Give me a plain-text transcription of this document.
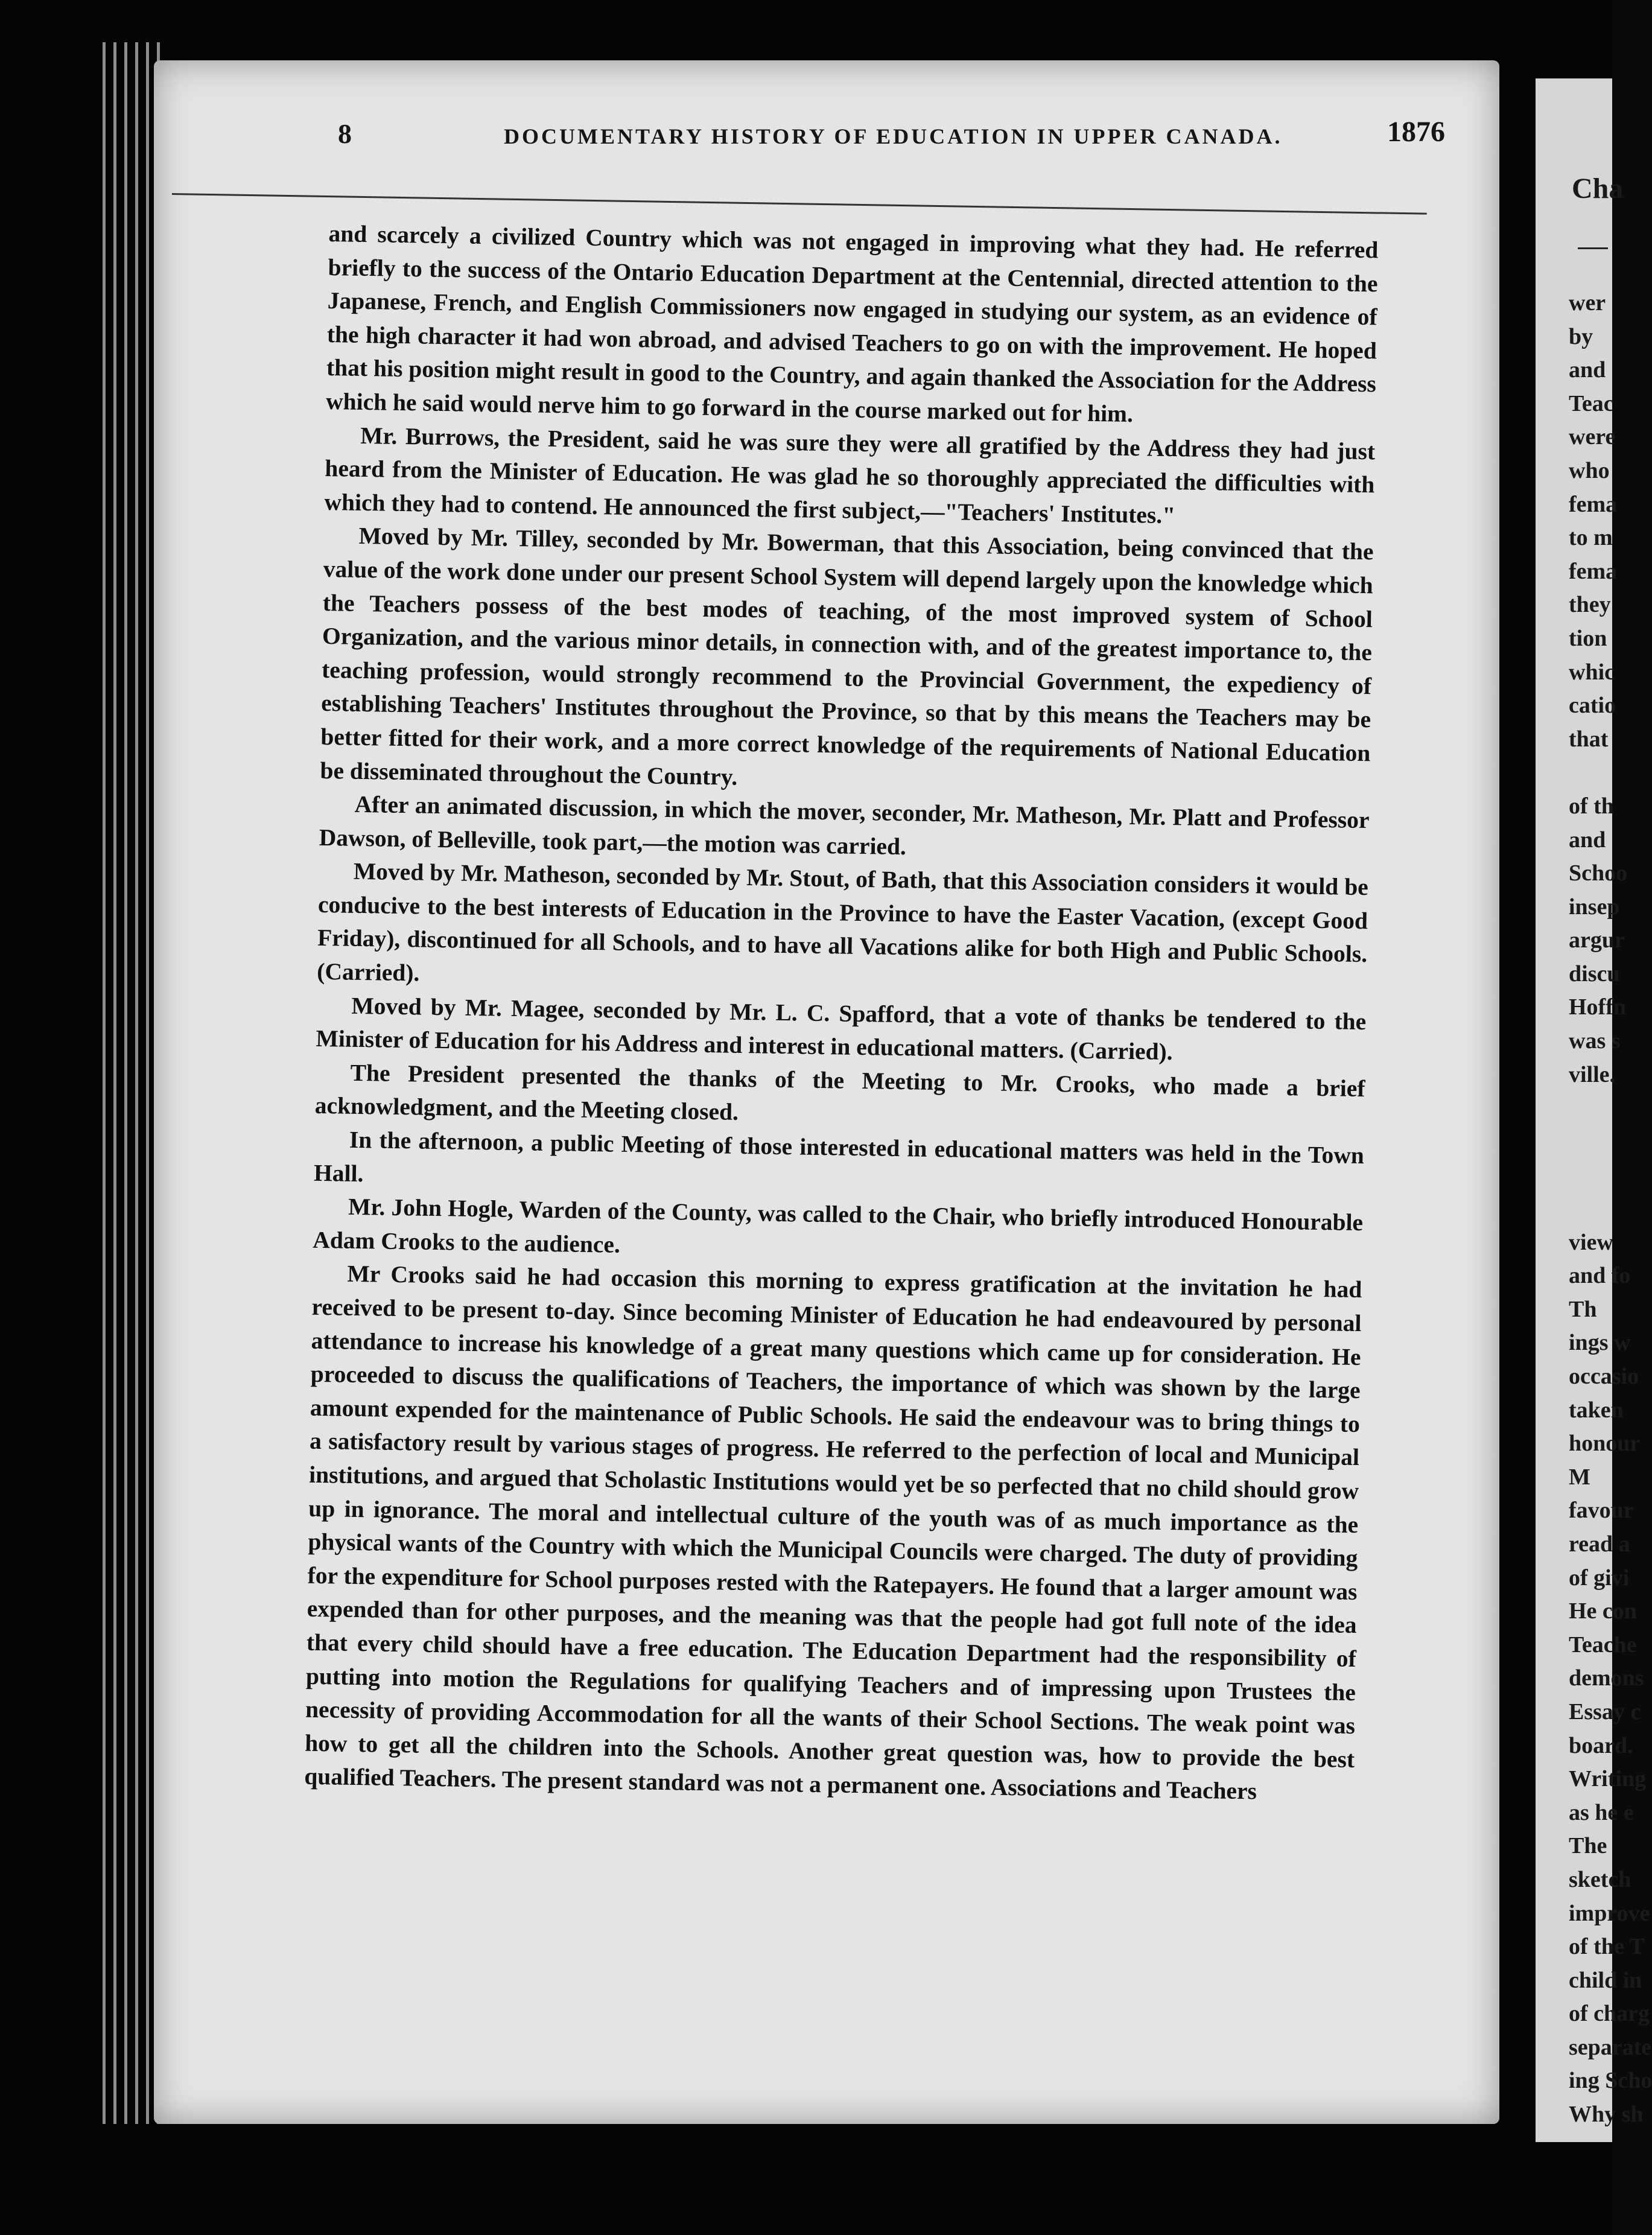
8	DOCUMENTARY HISTORY OF EDUCATION IN UPPER CANADA.	1876

and scarcely a civilized Country which was not engaged in improving what they had. He referred briefly to the success of the Ontario Education Department at the Centennial, directed attention to the Japanese, French, and English Commissioners now engaged in studying our system, as an evidence of the high character it had won abroad, and advised Teachers to go on with the improvement. He hoped that his position might result in good to the Country, and again thanked the Association for the Address which he said would nerve him to go forward in the course marked out for him.

Mr. Burrows, the President, said he was sure they were all gratified by the Address they had just heard from the Minister of Education. He was glad he so thoroughly appreciated the difficulties with which they had to contend. He announced the first subject,—"Teachers' Institutes."

Moved by Mr. Tilley, seconded by Mr. Bowerman, that this Association, being convinced that the value of the work done under our present School System will depend largely upon the knowledge which the Teachers possess of the best modes of teaching, of the most improved system of School Organization, and the various minor details, in connection with, and of the greatest importance to, the teaching profession, would strongly recommend to the Provincial Government, the expediency of establishing Teachers' Institutes throughout the Province, so that by this means the Teachers may be better fitted for their work, and a more correct knowledge of the requirements of National Education be disseminated throughout the Country.

After an animated discussion, in which the mover, seconder, Mr. Matheson, Mr. Platt and Professor Dawson, of Belleville, took part,—the motion was carried.

Moved by Mr. Matheson, seconded by Mr. Stout, of Bath, that this Association considers it would be conducive to the best interests of Education in the Province to have the Easter Vacation, (except Good Friday), discontinued for all Schools, and to have all Vacations alike for both High and Public Schools. (Carried).

Moved by Mr. Magee, seconded by Mr. L. C. Spafford, that a vote of thanks be tendered to the Minister of Education for his Address and interest in educational matters. (Carried).

The President presented the thanks of the Meeting to Mr. Crooks, who made a brief acknowledgment, and the Meeting closed.

In the afternoon, a public Meeting of those interested in educational matters was held in the Town Hall.

Mr. John Hogle, Warden of the County, was called to the Chair, who briefly introduced Honourable Adam Crooks to the audience.

Mr Crooks said he had occasion this morning to express gratification at the invitation he had received to be present to-day. Since becoming Minister of Education he had endeavoured by personal attendance to increase his knowledge of a great many questions which came up for consideration. He proceeded to discuss the qualifications of Teachers, the importance of which was shown by the large amount expended for the maintenance of Public Schools. He said the endeavour was to bring things to a satisfactory result by various stages of progress. He referred to the perfection of local and Municipal institutions, and argued that Scholastic Institutions would yet be so perfected that no child should grow up in ignorance. The moral and intellectual culture of the youth was of as much importance as the physical wants of the Country with which the Municipal Councils were charged. The duty of providing for the expenditure for School purposes rested with the Ratepayers. He found that a larger amount was expended than for other purposes, and the meaning was that the people had got full note of the idea that every child should have a free education. The Education Department had the responsibility of putting into motion the Regulations for qualifying Teachers and of impressing upon Trustees the necessity of providing Accommodation for all the wants of their School Sections. The weak point was how to get all the children into the Schools. Another great question was, how to provide the best qualified Teachers. The present standard was not a permanent one. Associations and Teachers

Cha
wer
by
and
Teac
were
who
fema
to m
fema
they
tion
whic
catio
that
of th
and
Schoo
insep
argur
discu
Hoffn
was s
ville.
view
and fo
Th
ings w
occasio
taken
honour
M
favour
read a
of givi
He con
Teache
demons
Essay c
board.
Writing
as he e
The
sketch
improve
of the T
child in
of charg
separate
ing Scho
Why sh
